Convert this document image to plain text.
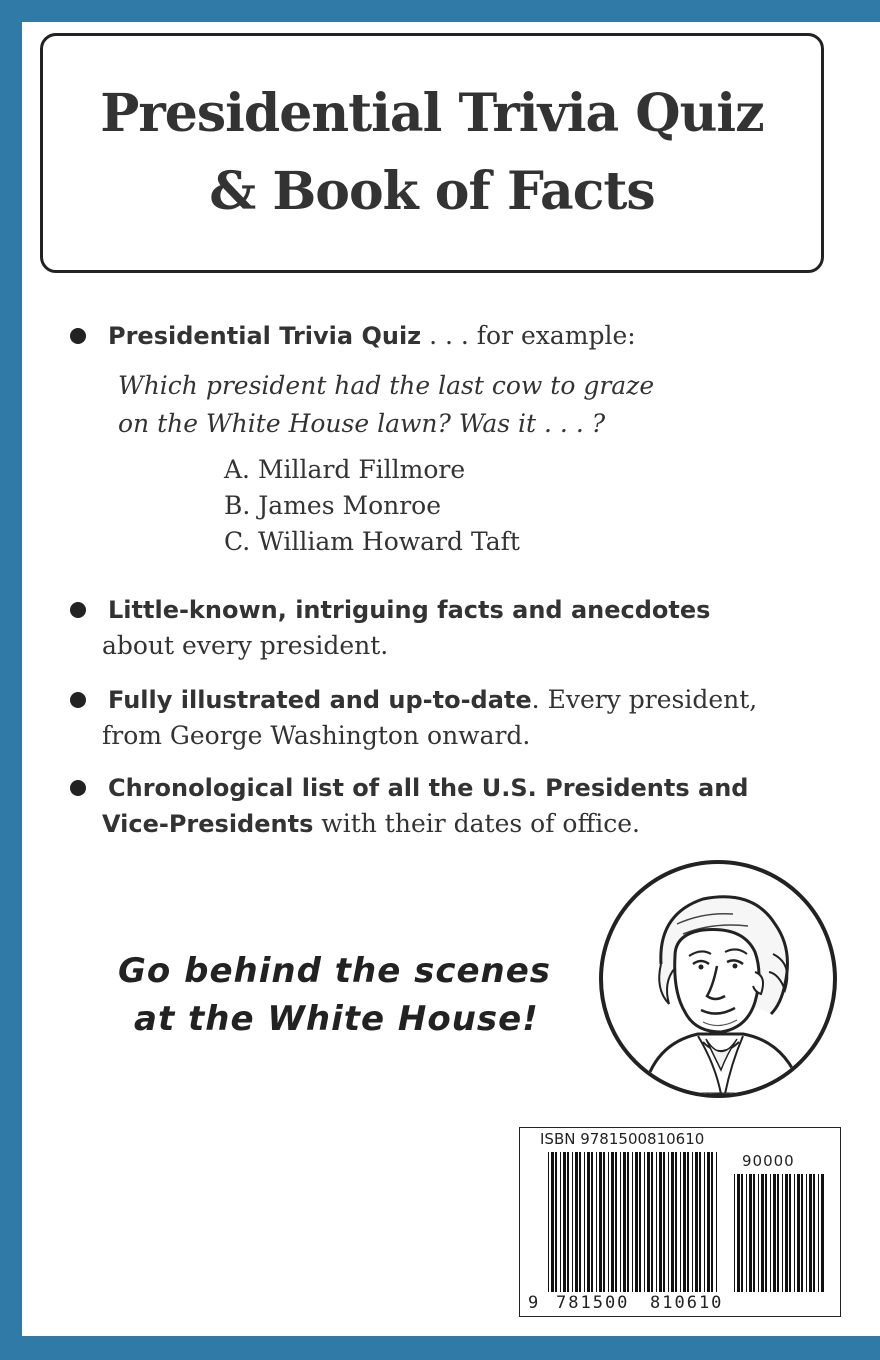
Presidential Trivia Quiz
& Book of Facts
Presidential Trivia Quiz . . . for example:
Which president had the last cow to graze
on the White House lawn? Was it . . . ?
A. Millard Fillmore
B. James Monroe
C. William Howard Taft
Little-known, intriguing facts and anecdotes
about every president.
Fully illustrated and up-to-date. Every president,
from George Washington onward.
Chronological list of all the U.S. Presidents and
Vice-Presidents with their dates of office.
Go behind the scenes
at the White House!
ISBN 9781500810610
90000
9 781500 810610
